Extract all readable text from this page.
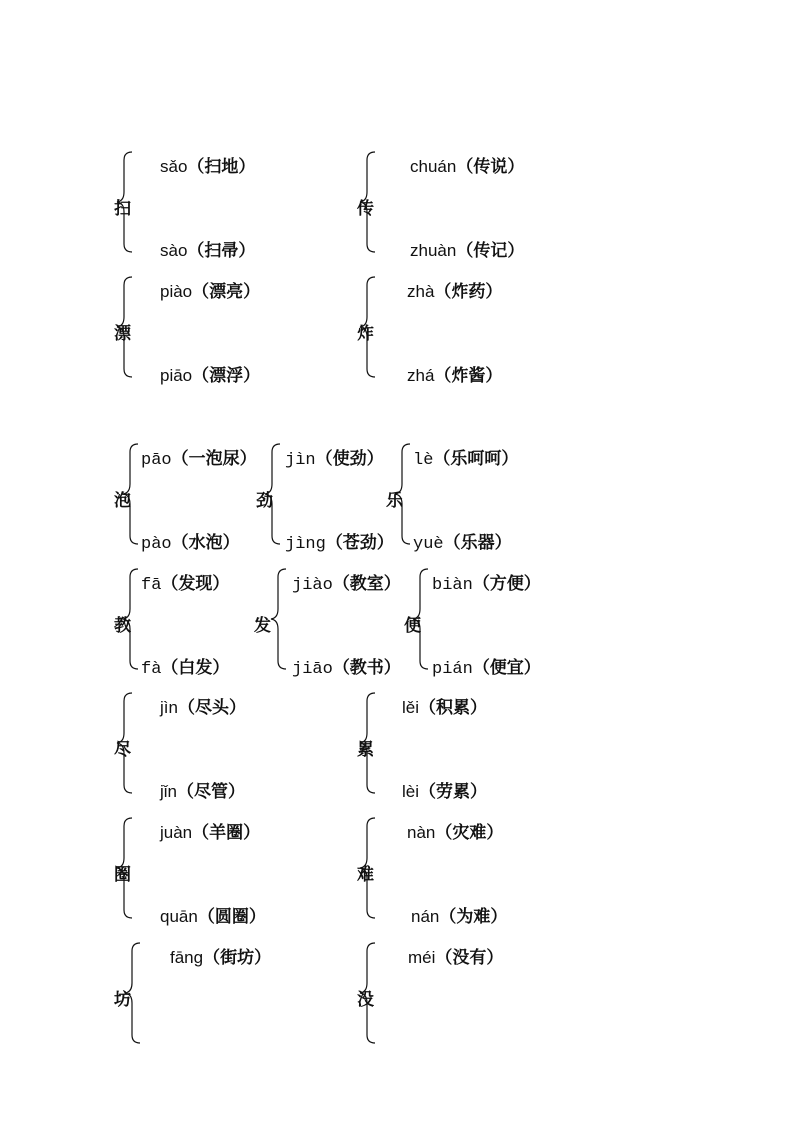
扫
sǎo（扫地）
sào（扫帚）
传
chuán（传说）
zhuàn（传记）
漂
piào（漂亮）
piāo（漂浮）
炸
zhà（炸药）
zhá（炸酱）
泡
pāo（一泡尿）
pào（水泡）
劲
jìn（使劲）
jìng（苍劲）
乐
lè（乐呵呵）
yuè（乐器）
教
fā（发现）
fà（白发）
发
jiào（教室）
jiāo（教书）
便
biàn（方便）
pián（便宜）
尽
jìn（尽头）
jǐn（尽管）
累
lěi（积累）
lèi（劳累）
圈
juàn（羊圈）
quān（圆圈）
难
nàn（灾难）
nán（为难）
坊
fāng（街坊）
没
méi（没有）
